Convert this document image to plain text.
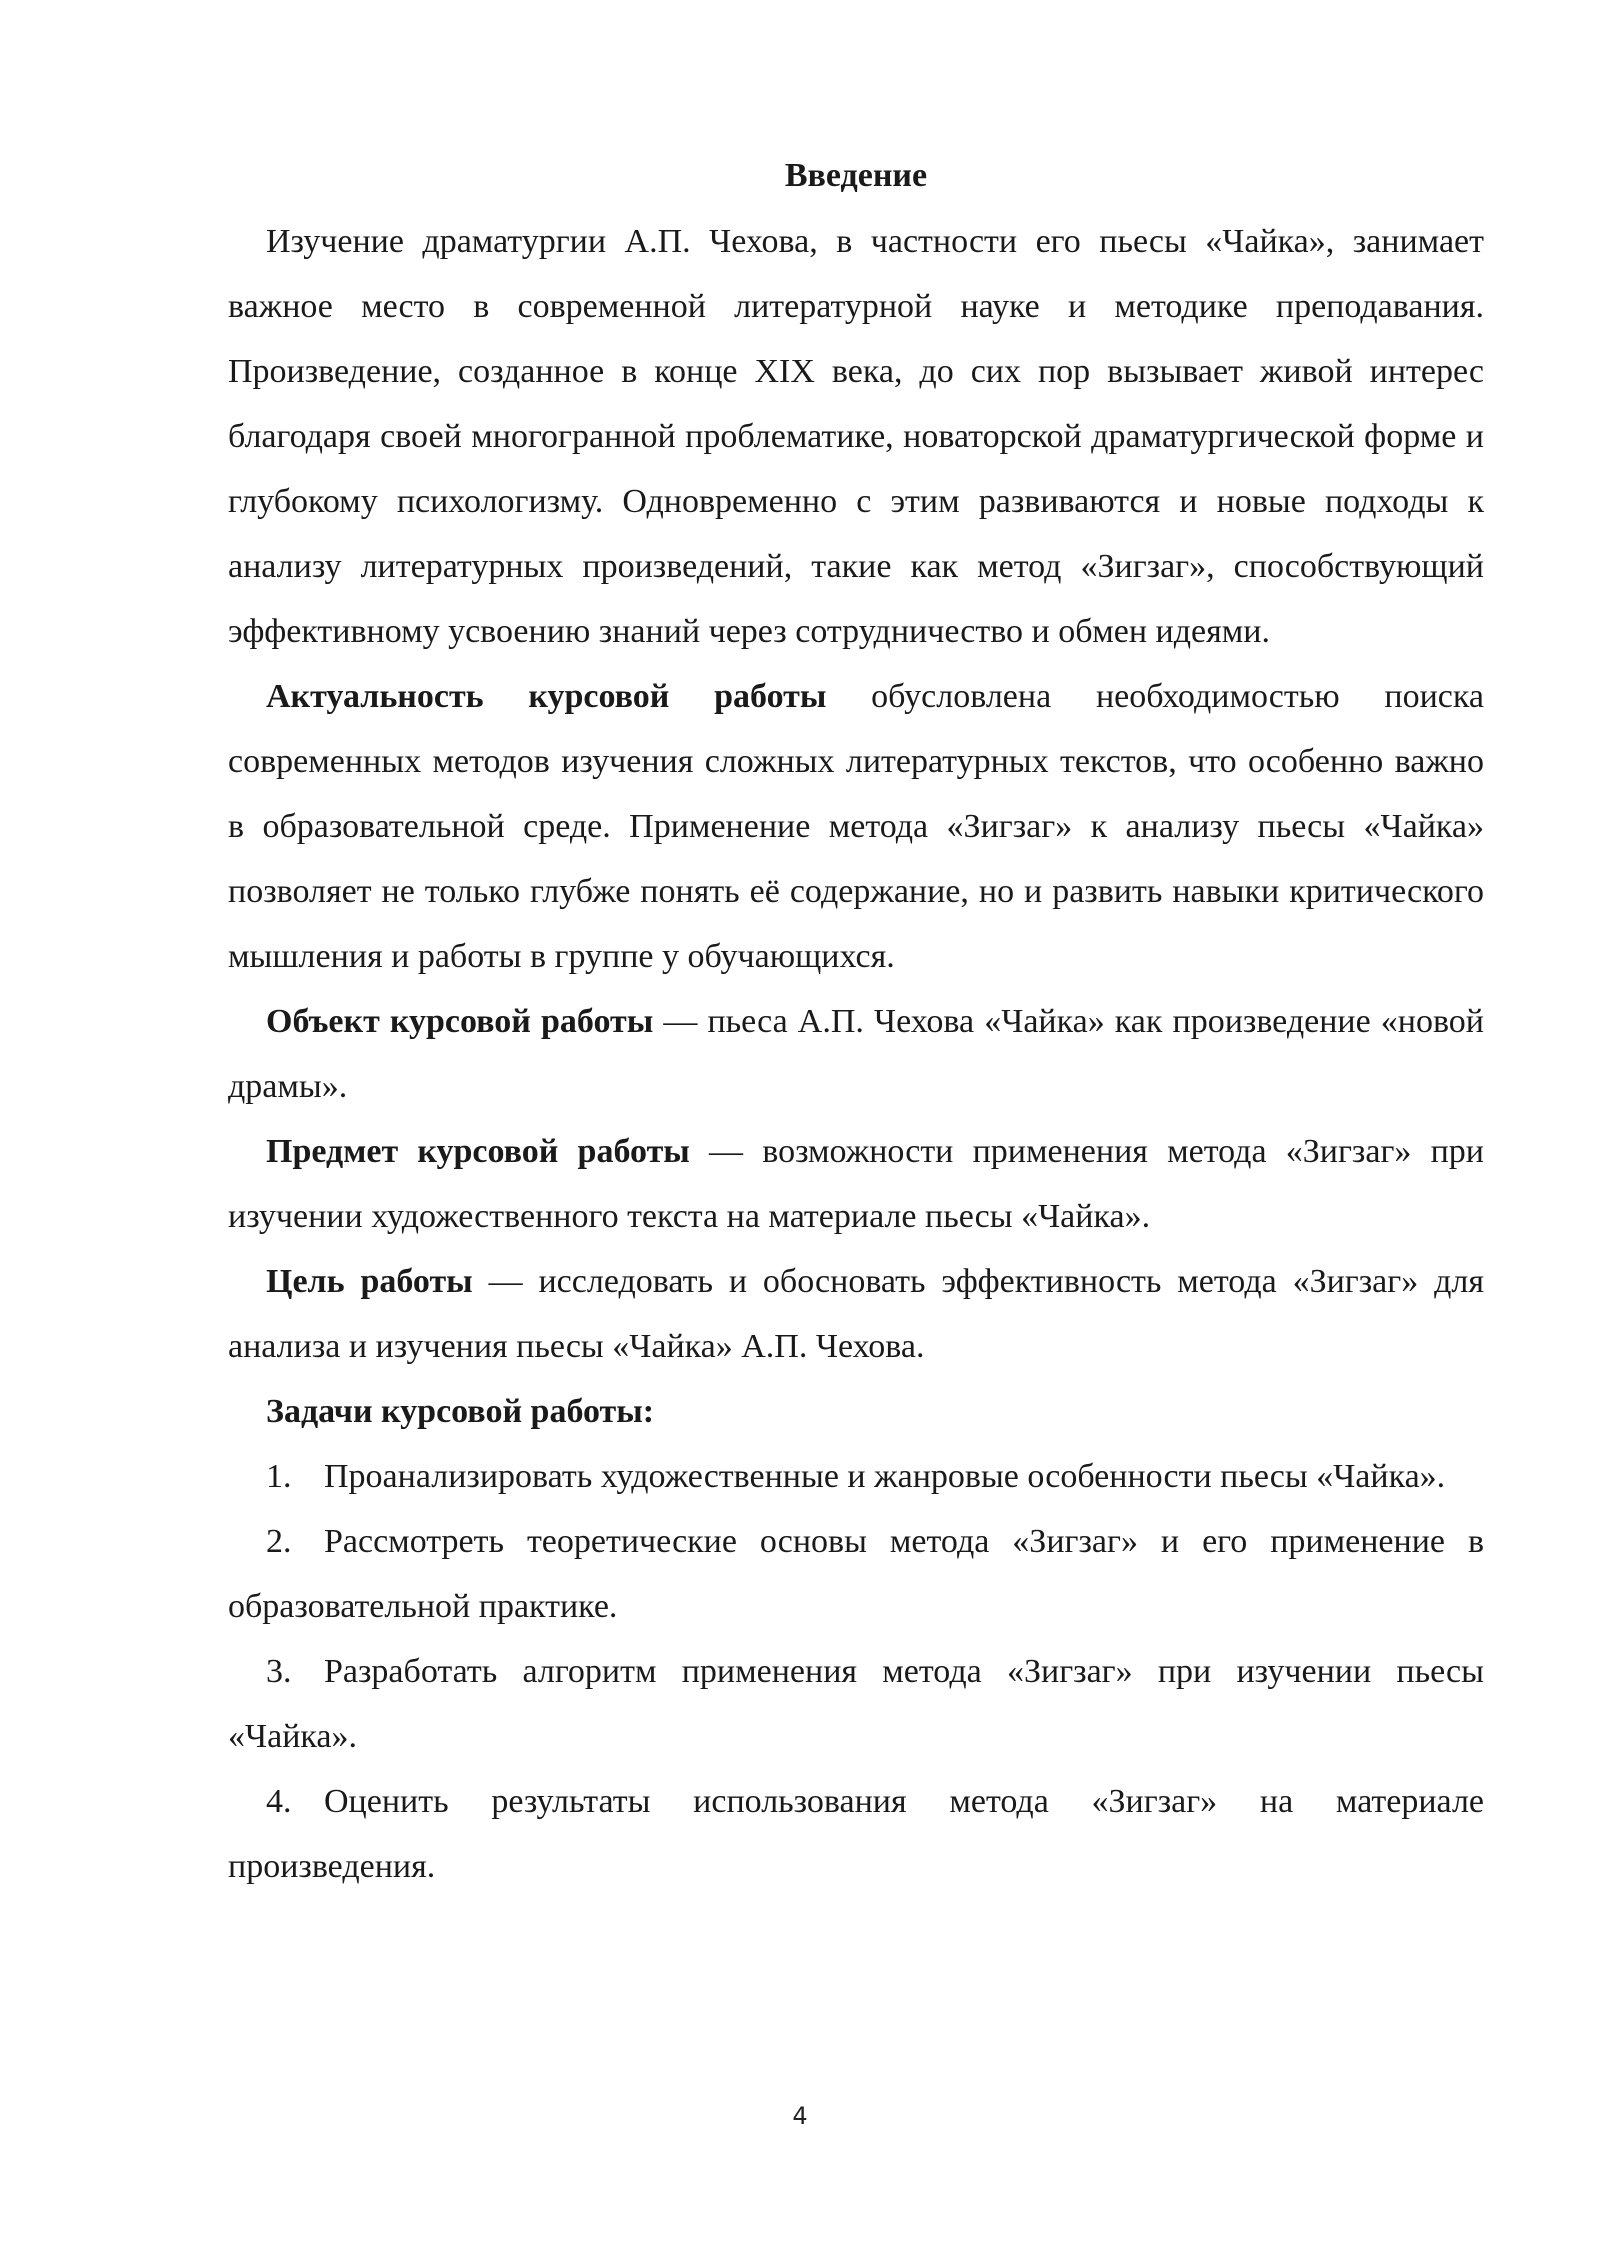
Введение

Изучение драматургии А.П. Чехова, в частности его пьесы «Чайка», занимает важное место в современной литературной науке и методике преподавания. Произведение, созданное в конце XIX века, до сих пор вызывает живой интерес благодаря своей многогранной проблематике, новаторской драматургической форме и глубокому психологизму. Одновременно с этим развиваются и новые подходы к анализу литературных произведений, такие как метод «Зигзаг», способствующий эффективному усвоению знаний через сотрудничество и обмен идеями.

Актуальность курсовой работы обусловлена необходимостью поиска современных методов изучения сложных литературных текстов, что особенно важно в образовательной среде. Применение метода «Зигзаг» к анализу пьесы «Чайка» позволяет не только глубже понять её содержание, но и развить навыки критического мышления и работы в группе у обучающихся.

Объект курсовой работы — пьеса А.П. Чехова «Чайка» как произведение «новой драмы».

Предмет курсовой работы — возможности применения метода «Зигзаг» при изучении художественного текста на материале пьесы «Чайка».

Цель работы — исследовать и обосновать эффективность метода «Зигзаг» для анализа и изучения пьесы «Чайка» А.П. Чехова.

Задачи курсовой работы:

1. Проанализировать художественные и жанровые особенности пьесы «Чайка».

2. Рассмотреть теоретические основы метода «Зигзаг» и его применение в образовательной практике.

3. Разработать алгоритм применения метода «Зигзаг» при изучении пьесы «Чайка».

4. Оценить результаты использования метода «Зигзаг» на материале произведения.

4
